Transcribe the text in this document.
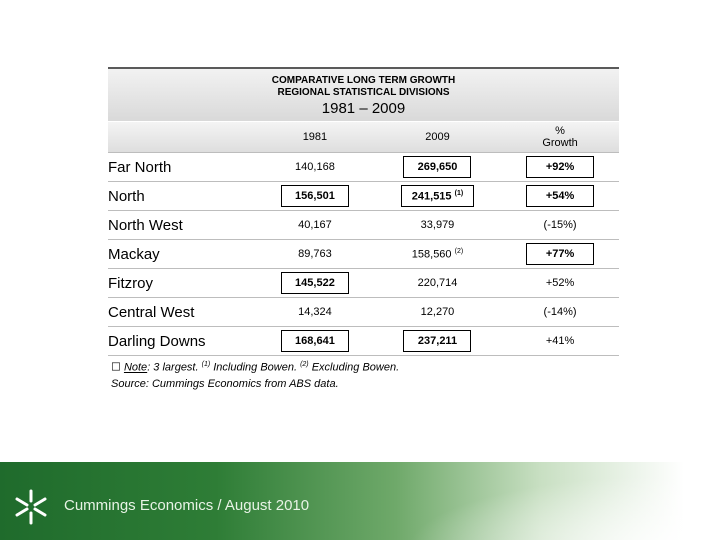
COMPARATIVE LONG TERM GROWTH
REGIONAL STATISTICAL DIVISIONS
1981 – 2009
	1981	2009	% Growth
Far North	140,168	269,650	+92%
North	156,501	241,515 $^{(1)}$	+54%
North West	40,167	33,979	(-15%)
Mackay	89,763	158,560 $^{(2)}$	+77%
Fitzroy	145,522	220,714	+52%
Central West	14,324	12,270	(-14%)
Darling Downs	168,641	237,211	+41%
☐ Note: 3 largest. $^{(1)}$ Including Bowen. $^{(2)}$ Excluding Bowen.
Source: Cummings Economics from ABS data.
Cummings Economics / August 2010
